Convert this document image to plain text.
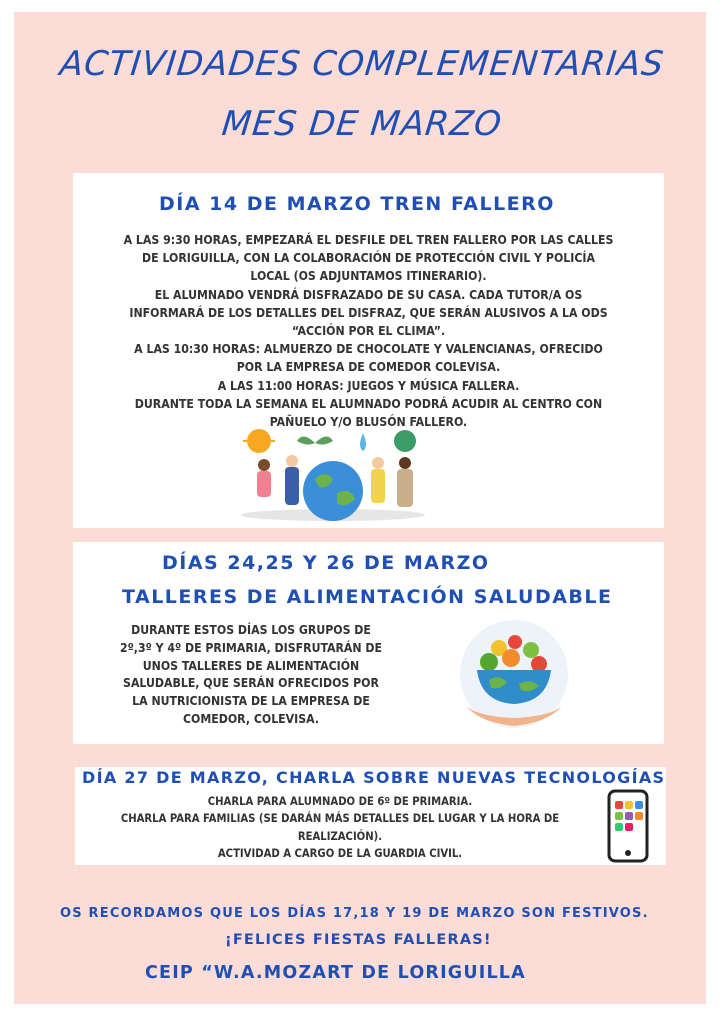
ACTIVIDADES COMPLEMENTARIAS
MES DE MARZO
DÍA 14 DE MARZO TREN FALLERO
A LAS 9:30 HORAS, EMPEZARÁ EL DESFILE DEL TREN FALLERO POR LAS CALLES
DE LORIGUILLA, CON LA COLABORACIÓN DE PROTECCIÓN CIVIL Y POLICÍA
LOCAL (OS ADJUNTAMOS ITINERARIO).
EL ALUMNADO VENDRÁ DISFRAZADO DE SU CASA. CADA TUTOR/A OS
INFORMARÁ DE LOS DETALLES DEL DISFRAZ, QUE SERÁN ALUSIVOS A LA ODS
“ACCIÓN POR EL CLIMA”.
A LAS 10:30 HORAS: ALMUERZO DE CHOCOLATE Y VALENCIANAS, OFRECIDO
POR LA EMPRESA DE COMEDOR COLEVISA.
A LAS 11:00 HORAS: JUEGOS Y MÚSICA FALLERA.
DURANTE TODA LA SEMANA EL ALUMNADO PODRÁ ACUDIR AL CENTRO CON
PAÑUELO Y/O BLUSÓN FALLERO.
DÍAS 24,25 Y 26 DE MARZO
TALLERES DE ALIMENTACIÓN SALUDABLE
DURANTE ESTOS DÍAS LOS GRUPOS DE
2º,3º Y 4º DE PRIMARIA, DISFRUTARÁN DE
UNOS TALLERES DE ALIMENTACIÓN
SALUDABLE, QUE SERÁN OFRECIDOS POR
LA NUTRICIONISTA DE LA EMPRESA DE
COMEDOR, COLEVISA.
DÍA 27 DE MARZO, CHARLA SOBRE NUEVAS TECNOLOGÍAS
CHARLA PARA ALUMNADO DE 6º DE PRIMARIA.
CHARLA PARA FAMILIAS (SE DARÁN MÁS DETALLES DEL LUGAR Y LA HORA DE
REALIZACIÓN).
ACTIVIDAD A CARGO DE LA GUARDIA CIVIL.
OS RECORDAMOS QUE LOS DÍAS 17,18 Y 19 DE MARZO SON FESTIVOS.
¡FELICES FIESTAS FALLERAS!
CEIP “W.A.MOZART DE LORIGUILLA
